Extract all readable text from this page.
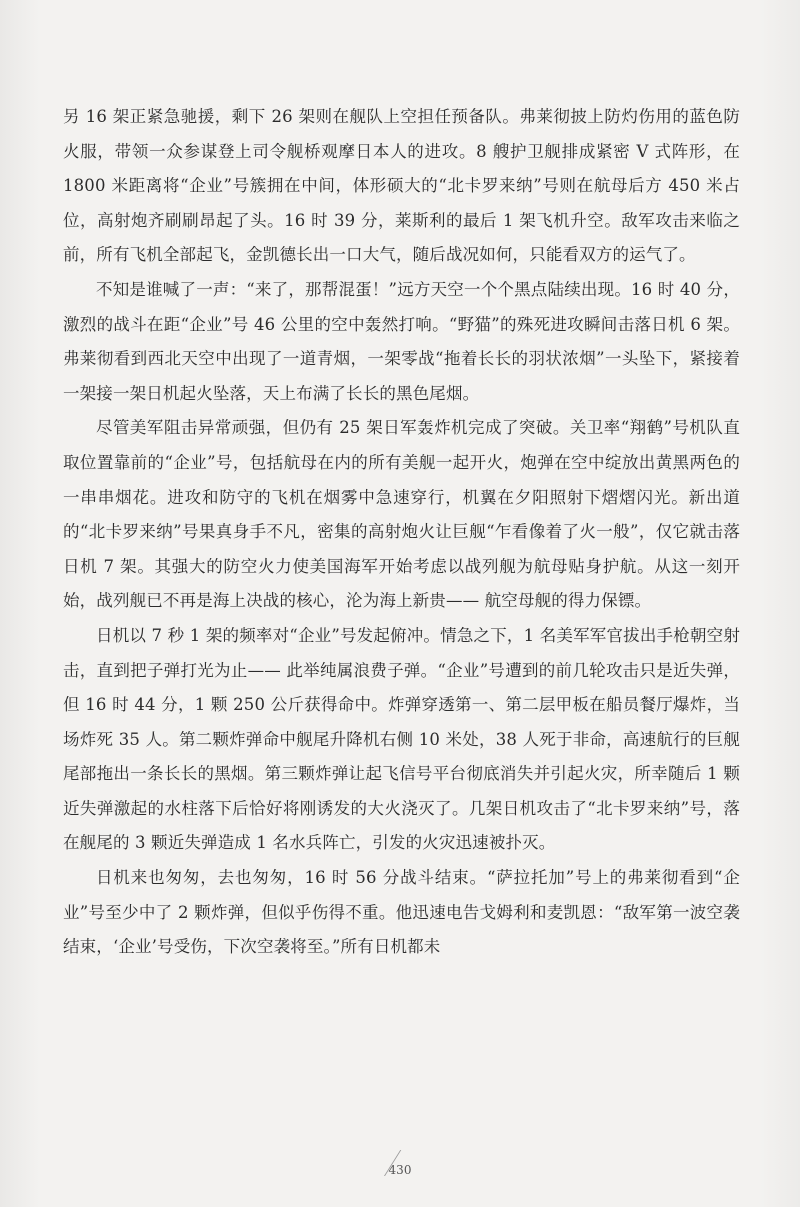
另 16 架正紧急驰援，剩下 26 架则在舰队上空担任预备队。弗莱彻披上防灼伤用的蓝色防火服，带领一众参谋登上司令舰桥观摩日本人的进攻。8 艘护卫舰排成紧密 V 式阵形，在 1800 米距离将“企业”号簇拥在中间，体形硕大的“北卡罗来纳”号则在航母后方 450 米占位，高射炮齐刷刷昂起了头。16 时 39 分，莱斯利的最后 1 架飞机升空。敌军攻击来临之前，所有飞机全部起飞，金凯德长出一口大气，随后战况如何，只能看双方的运气了。

不知是谁喊了一声：“来了，那帮混蛋！”远方天空一个个黑点陆续出现。16 时 40 分，激烈的战斗在距“企业”号 46 公里的空中轰然打响。“野猫”的殊死进攻瞬间击落日机 6 架。弗莱彻看到西北天空中出现了一道青烟，一架零战“拖着长长的羽状浓烟”一头坠下，紧接着一架接一架日机起火坠落，天上布满了长长的黑色尾烟。

尽管美军阻击异常顽强，但仍有 25 架日军轰炸机完成了突破。关卫率“翔鹤”号机队直取位置靠前的“企业”号，包括航母在内的所有美舰一起开火，炮弹在空中绽放出黄黑两色的一串串烟花。进攻和防守的飞机在烟雾中急速穿行，机翼在夕阳照射下熠熠闪光。新出道的“北卡罗来纳”号果真身手不凡，密集的高射炮火让巨舰“乍看像着了火一般”，仅它就击落日机 7 架。其强大的防空火力使美国海军开始考虑以战列舰为航母贴身护航。从这一刻开始，战列舰已不再是海上决战的核心，沦为海上新贵—— 航空母舰的得力保镖。

日机以 7 秒 1 架的频率对“企业”号发起俯冲。情急之下，1 名美军军官拔出手枪朝空射击，直到把子弹打光为止—— 此举纯属浪费子弹。“企业”号遭到的前几轮攻击只是近失弹，但 16 时 44 分，1 颗 250 公斤获得命中。炸弹穿透第一、第二层甲板在船员餐厅爆炸，当场炸死 35 人。第二颗炸弹命中舰尾升降机右侧 10 米处，38 人死于非命，高速航行的巨舰尾部拖出一条长长的黑烟。第三颗炸弹让起飞信号平台彻底消失并引起火灾，所幸随后 1 颗近失弹激起的水柱落下后恰好将刚诱发的大火浇灭了。几架日机攻击了“北卡罗来纳”号，落在舰尾的 3 颗近失弹造成 1 名水兵阵亡，引发的火灾迅速被扑灭。

日机来也匆匆，去也匆匆，16 时 56 分战斗结束。“萨拉托加”号上的弗莱彻看到“企业”号至少中了 2 颗炸弹，但似乎伤得不重。他迅速电告戈姆利和麦凯恩：“敌军第一波空袭结束，‘企业’号受伤，下次空袭将至。”所有日机都未

430
